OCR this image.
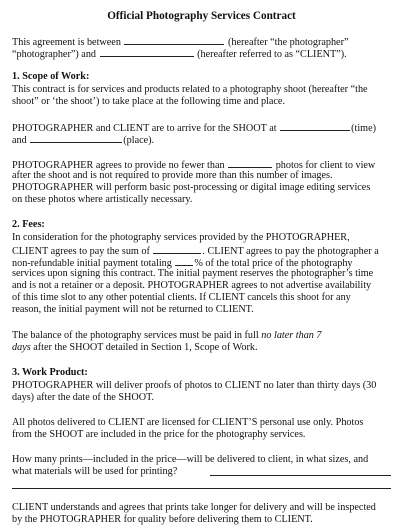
Official Photography Services Contract
This agreement is between	(hereafter “the photographer”
“photographer”) and	(hereafter referred to as “CLIENT”).
1. Scope of Work:
This contract is for services and products related to a photography shoot (hereafter “the
shoot” or ‘the shoot’) to take place at the following time and place.
PHOTOGRAPHER and CLIENT are to arrive for the SHOOT at	(time)
and	(place).
PHOTOGRAPHER agrees to provide no fewer than	photos for client to view
after the shoot and is not required to provide more than this number of images.
PHOTOGRAPHER will perform basic post-processing or digital image editing services
on these photos where artistically necessary.
2. Fees:
In consideration for the photography services provided by the PHOTOGRAPHER,
CLIENT agrees to pay the sum of	. CLIENT agrees to pay the photographer a
non-refundable initial payment totaling % of the total price of the photography
services upon signing this contract. The initial payment reserves the photographer’s time
and is not a retainer or a deposit. PHOTOGRAPHER agrees to not advertise availability
of this time slot to any other potential clients. If CLIENT cancels this shoot for any
reason, the initial payment will not be returned to CLIENT.
The balance of the photography services must be paid in full no later than 7
days after the SHOOT detailed in Section 1, Scope of Work.
3. Work Product:
PHOTOGRAPHER will deliver proofs of photos to CLIENT no later than thirty days (30
days) after the date of the SHOOT.
All photos delivered to CLIENT are licensed for CLIENT’S personal use only. Photos
from the SHOOT are included in the price for the photography services.
How many prints—included in the price—will be delivered to client, in what sizes, and
what materials will be used for printing?
CLIENT understands and agrees that prints take longer for delivery and will be inspected
by the PHOTOGRAPHER for quality before delivering them to CLIENT.
